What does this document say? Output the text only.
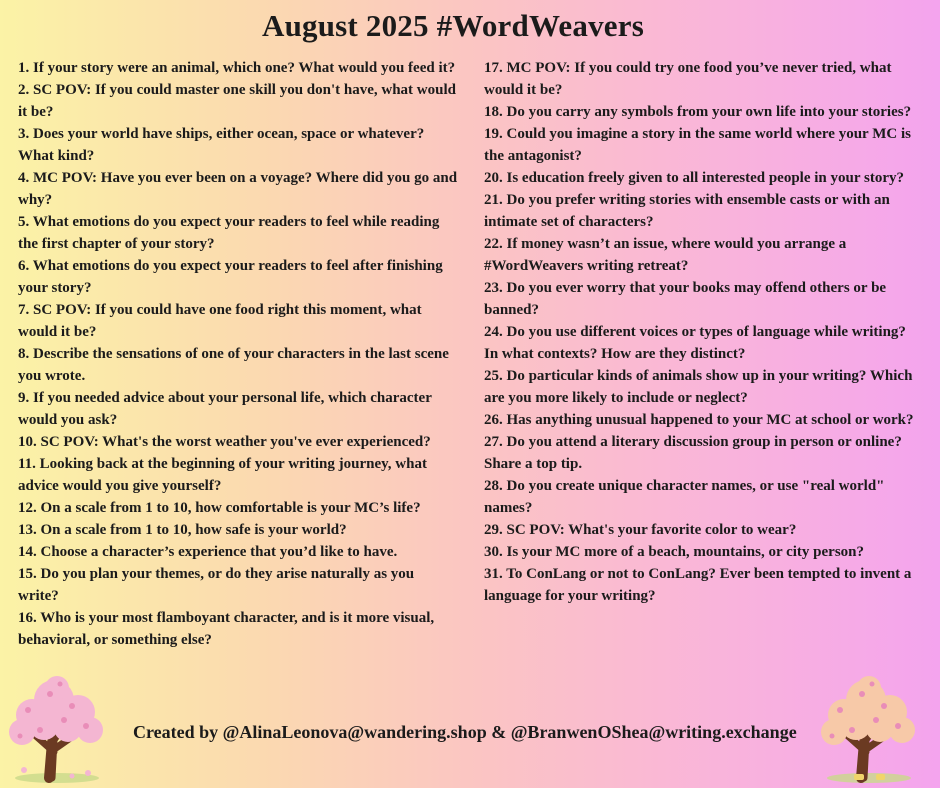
August 2025 #WordWeavers

1. If your story were an animal, which one? What would you feed it?

2. SC POV: If you could master one skill you don't have, what would it be?

3. Does your world have ships, either ocean, space or whatever? What kind?

4. MC POV: Have you ever been on a voyage? Where did you go and why?

5. What emotions do you expect your readers to feel while reading the first chapter of your story?

6. What emotions do you expect your readers to feel after finishing your story?

7. SC POV: If you could have one food right this moment, what would it be?

8. Describe the sensations of one of your characters in the last scene you wrote.

9. If you needed advice about your personal life, which character would you ask?

10. SC POV: What's the worst weather you've ever experienced?

11. Looking back at the beginning of your writing journey, what advice would you give yourself?

12. On a scale from 1 to 10, how comfortable is your MC’s life?

13. On a scale from 1 to 10, how safe is your world?

14. Choose a character’s experience that you’d like to have.

15. Do you plan your themes, or do they arise naturally as you write?

16. Who is your most flamboyant character, and is it more visual, behavioral, or something else?

17. MC POV: If you could try one food you’ve never tried, what would it be?

18. Do you carry any symbols from your own life into your stories?

19. Could you imagine a story in the same world where your MC is the antagonist?

20. Is education freely given to all interested people in your story?

21. Do you prefer writing stories with ensemble casts or with an intimate set of characters?

22. If money wasn’t an issue, where would you arrange a #WordWeavers writing retreat?

23. Do you ever worry that your books may offend others or be banned?

24. Do you use different voices or types of language while writing? In what contexts? How are they distinct?

25. Do particular kinds of animals show up in your writing? Which are you more likely to include or neglect?

26. Has anything unusual happened to your MC at school or work?

27. Do you attend a literary discussion group in person or online? Share a top tip.

28. Do you create unique character names, or use "real world" names?

29. SC POV: What's your favorite color to wear?

30. Is your MC more of a beach, mountains, or city person?

31. To ConLang or not to ConLang? Ever been tempted to invent a language for your writing?

Created by @AlinaLeonova@wandering.shop & @BranwenOShea@writing.exchange
